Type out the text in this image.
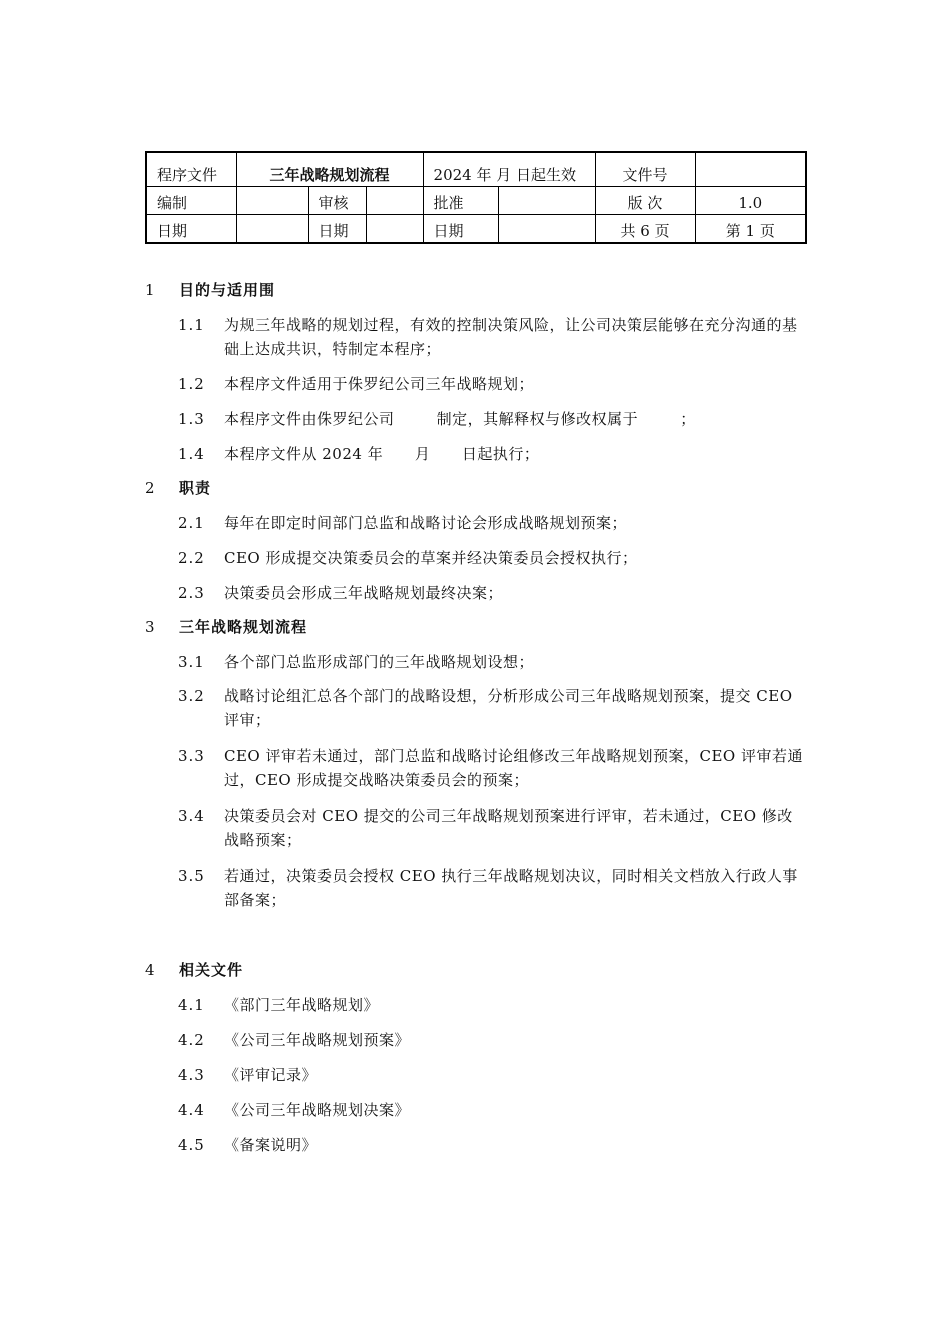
程序文件	三年战略规划流程			2024 年 月 日起生效		文件号	
编制		审核		批准		版 次	1.0
日期		日期		日期		共 6 页	第 1 页
1 目的与适用围
1.1 为规三年战略的规划过程，有效的控制决策风险，让公司决策层能够在充分沟通的基础上达成共识，特制定本程序；
1.2 本程序文件适用于侏罗纪公司三年战略规划；
1.3 本程序文件由侏罗纪公司        制定，其解释权与修改权属于        ；
1.4 本程序文件从 2024 年      月      日起执行；
2 职责
2.1 每年在即定时间部门总监和战略讨论会形成战略规划预案；
2.2 CEO 形成提交决策委员会的草案并经决策委员会授权执行；
2.3 决策委员会形成三年战略规划最终决案；
3 三年战略规划流程
3.1 各个部门总监形成部门的三年战略规划设想；
3.2 战略讨论组汇总各个部门的战略设想，分析形成公司三年战略规划预案，提交 CEO 评审；
3.3 CEO 评审若未通过，部门总监和战略讨论组修改三年战略规划预案，CEO 评审若通过，CEO 形成提交战略决策委员会的预案；
3.4 决策委员会对 CEO 提交的公司三年战略规划预案进行评审，若未通过，CEO 修改战略预案；
3.5 若通过，决策委员会授权 CEO 执行三年战略规划决议，同时相关文档放入行政人事部备案；
4 相关文件
4.1 《部门三年战略规划》
4.2 《公司三年战略规划预案》
4.3 《评审记录》
4.4 《公司三年战略规划决案》
4.5 《备案说明》
